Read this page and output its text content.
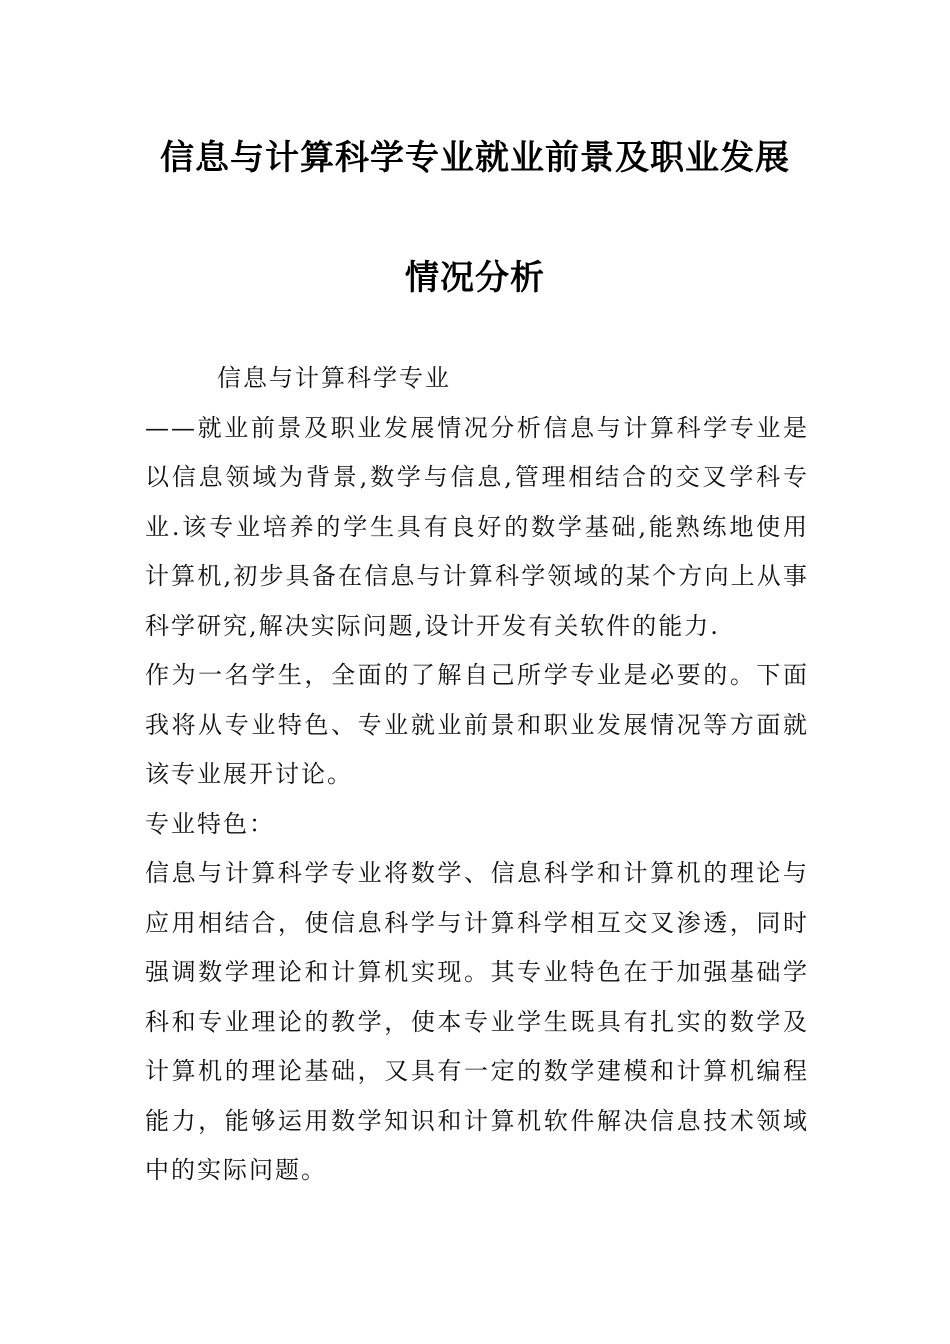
信息与计算科学专业就业前景及职业发展
情况分析

信息与计算科学专业

——就业前景及职业发展情况分析信息与计算科学专业是以信息领域为背景,数学与信息,管理相结合的交叉学科专业.该专业培养的学生具有良好的数学基础,能熟练地使用计算机,初步具备在信息与计算科学领域的某个方向上从事科学研究,解决实际问题,设计开发有关软件的能力.

作为一名学生，全面的了解自己所学专业是必要的。下面我将从专业特色、专业就业前景和职业发展情况等方面就该专业展开讨论。

专业特色：

信息与计算科学专业将数学、信息科学和计算机的理论与应用相结合，使信息科学与计算科学相互交叉渗透，同时强调数学理论和计算机实现。其专业特色在于加强基础学科和专业理论的教学，使本专业学生既具有扎实的数学及计算机的理论基础，又具有一定的数学建模和计算机编程能力，能够运用数学知识和计算机软件解决信息技术领域中的实际问题。
